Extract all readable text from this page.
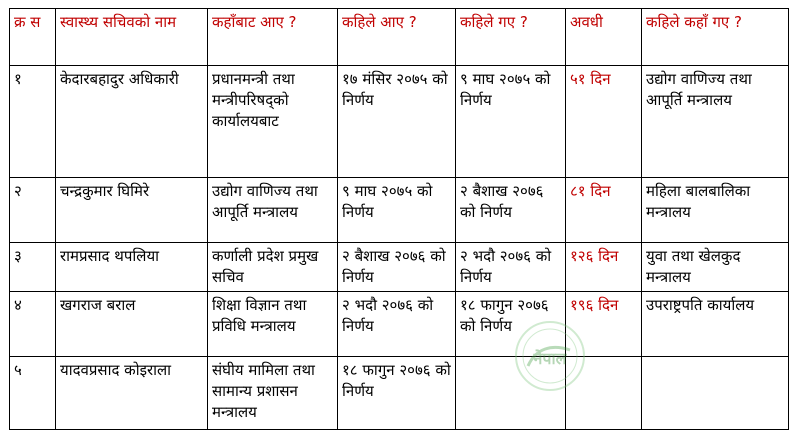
क्र स	स्वास्थ्य सचिवको नाम	कहाँबाट आए ?	कहिले आए ?	कहिले गए ?	अवधी	कहिले कहाँ गए ?
१	केदारबहादुर अधिकारी	प्रधानमन्त्री तथा मन्त्रीपरिषद्को कार्यालयबाट	१७ मंसिर २०७५ को निर्णय	९ माघ २०७५ को निर्णय	५१ दिन	उद्योग वाणिज्य तथा आपूर्ति मन्त्रालय
२	चन्द्रकुमार घिमिरे	उद्योग वाणिज्य तथा आपूर्ति मन्त्रालय	९ माघ २०७५ को निर्णय	२ बैशाख २०७६ को निर्णय	८१ दिन	महिला बालबालिका मन्त्रालय
३	रामप्रसाद थपलिया	कर्णाली प्रदेश प्रमुख सचिव	२ बैशाख २०७६ को निर्णय	२ भदौ २०७६ को निर्णय	१२६ दिन	युवा तथा खेलकुद मन्त्रालय
४	खगराज बराल	शिक्षा विज्ञान तथा प्रविधि मन्त्रालय	२ भदौ २०७६ को निर्णय	१८ फागुन २०७६ को निर्णय	१९६ दिन	उपराष्ट्रपति कार्यालय
५	यादवप्रसाद कोइराला	संघीय मामिला तथा सामान्य प्रशासन मन्त्रालय	१८ फागुन २०७६ को निर्णय			
नेपाल
